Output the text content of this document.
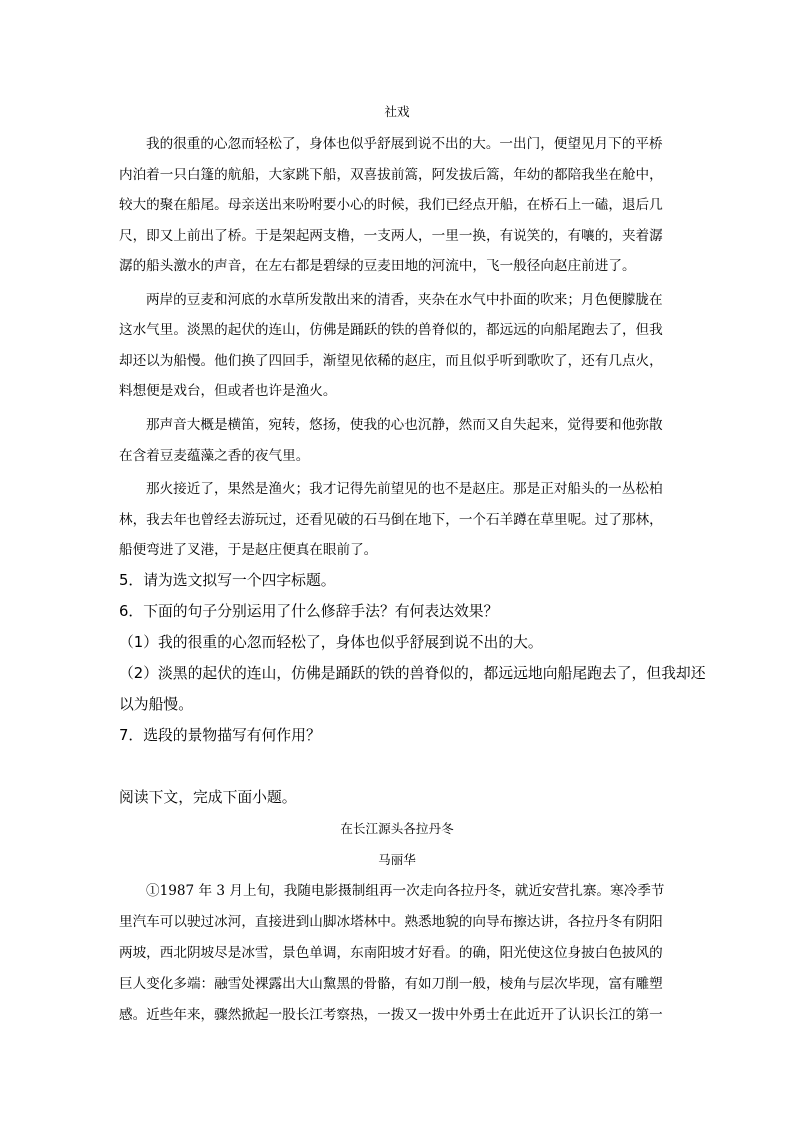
社戏
我的很重的心忽而轻松了，身体也似乎舒展到说不出的大。一出门，便望见月下的平桥
内泊着一只白篷的航船，大家跳下船，双喜拔前篙，阿发拔后篙，年幼的都陪我坐在舱中，
较大的聚在船尾。母亲送出来吩咐要小心的时候，我们已经点开船，在桥石上一磕，退后几
尺，即又上前出了桥。于是架起两支橹，一支两人，一里一换，有说笑的，有嚷的，夹着潺
潺的船头激水的声音，在左右都是碧绿的豆麦田地的河流中，飞一般径向赵庄前进了。
两岸的豆麦和河底的水草所发散出来的清香，夹杂在水气中扑面的吹来；月色便朦胧在
这水气里。淡黑的起伏的连山，仿佛是踊跃的铁的兽脊似的，都远远的向船尾跑去了，但我
却还以为船慢。他们换了四回手，渐望见依稀的赵庄，而且似乎听到歌吹了，还有几点火，
料想便是戏台，但或者也许是渔火。
那声音大概是横笛，宛转，悠扬，使我的心也沉静，然而又自失起来，觉得要和他弥散
在含着豆麦蕴藻之香的夜气里。
那火接近了，果然是渔火；我才记得先前望见的也不是赵庄。那是正对船头的一丛松柏
林，我去年也曾经去游玩过，还看见破的石马倒在地下，一个石羊蹲在草里呢。过了那林，
船便弯进了叉港，于是赵庄便真在眼前了。
5．请为选文拟写一个四字标题。
6．下面的句子分别运用了什么修辞手法？有何表达效果？
（1）我的很重的心忽而轻松了，身体也似乎舒展到说不出的大。
（2）淡黑的起伏的连山，仿佛是踊跃的铁的兽脊似的，都远远地向船尾跑去了，但我却还
以为船慢。
7．选段的景物描写有何作用？
阅读下文，完成下面小题。
在长江源头各拉丹冬
马丽华
①1987 年 3 月上旬，我随电影摄制组再一次走向各拉丹冬，就近安营扎寨。寒冷季节
里汽车可以驶过冰河，直接进到山脚冰塔林中。熟悉地貌的向导布擦达讲，各拉丹冬有阴阳
两坡，西北阴坡尽是冰雪，景色单调，东南阳坡才好看。的确，阳光使这位身披白色披风的
巨人变化多端：融雪处裸露出大山黧黑的骨骼，有如刀削一般，棱角与层次毕现，富有雕塑
感。近些年来，骤然掀起一股长江考察热，一拨又一拨中外勇士在此近开了认识长江的第一
